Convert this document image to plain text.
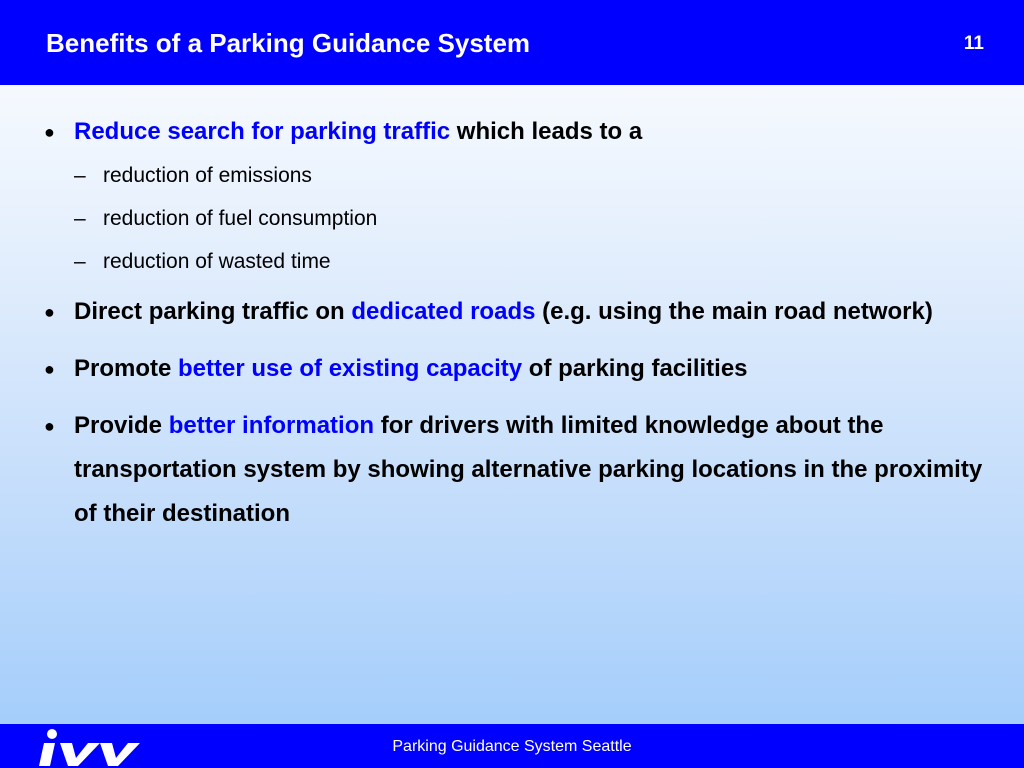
Benefits of a Parking Guidance System	11
● Reduce search for parking traffic which leads to a
– reduction of emissions
– reduction of fuel consumption
– reduction of wasted time
● Direct parking traffic on dedicated roads (e.g. using the main road network)
● Promote better use of existing capacity of parking facilities
● Provide better information for drivers with limited knowledge about the transportation system by showing alternative parking locations in the proximity of their destination
ivv
Parking Guidance System Seattle
